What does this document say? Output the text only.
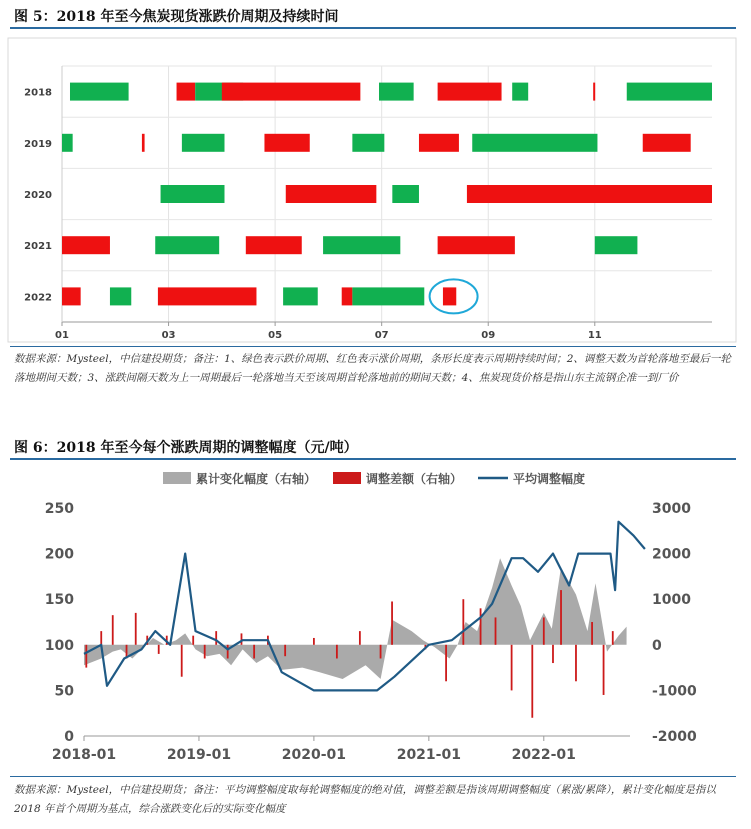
图 5：2018 年至今焦炭现货涨跌价周期及持续时间
2018
2019
2020
2021
2022
01	03	05	07	09	11
数据来源：Mysteel，中信建投期货；备注：1、绿色表示跌价周期、红色表示涨价周期，条形长度表示周期持续时间；2、调整天数为首轮落地至最后一轮落地期间天数；3、涨跌间隔天数为上一周期最后一轮落地当天至该周期首轮落地前的期间天数；4、焦炭现货价格是指山东主流钢企准一到厂价
图 6：2018 年至今每个涨跌周期的调整幅度（元/吨）
累计变化幅度（右轴）	调整差额（右轴）	平均调整幅度
0
50
100
150
200
250
-2000
-1000
0
1000
2000
3000
2018-01	2019-01	2020-01	2021-01	2022-01
数据来源：Mysteel，中信建投期货；备注：平均调整幅度取每轮调整幅度的绝对值，调整差额是指该周期调整幅度（累涨/累降），累计变化幅度是指以 2018 年首个周期为基点，综合涨跌变化后的实际变化幅度
